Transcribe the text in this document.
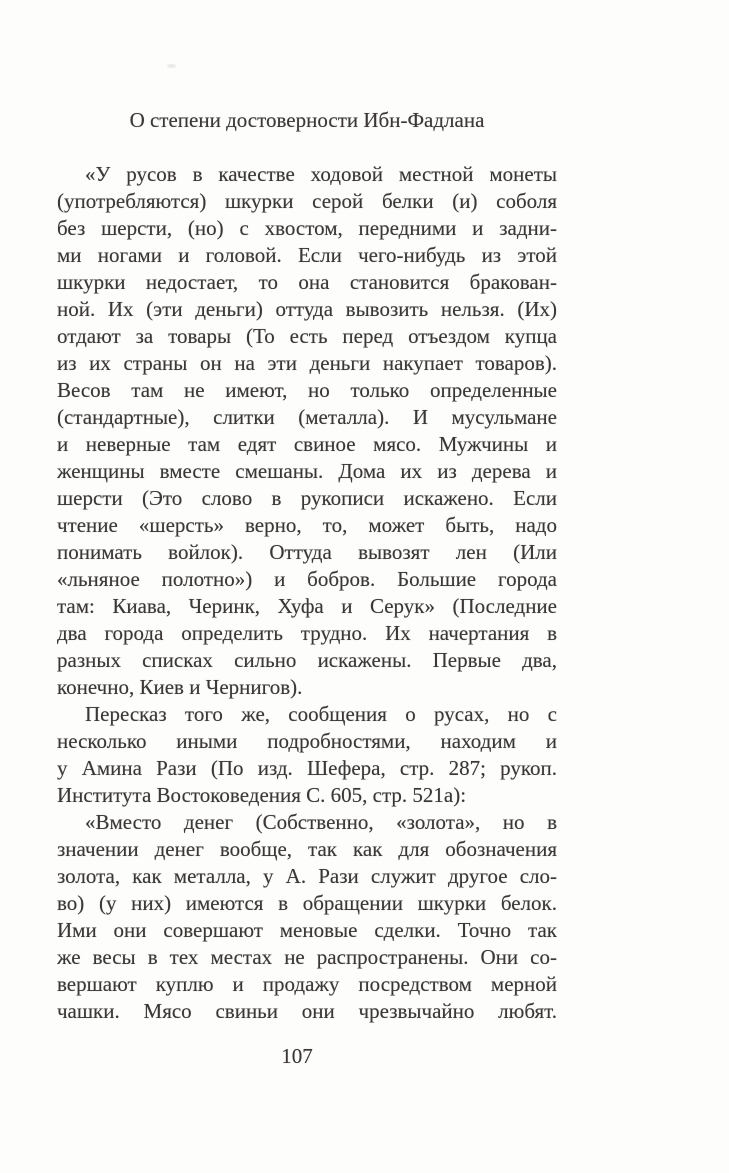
О степени достоверности Ибн-Фадлана
«У русов в качестве ходовой местной монеты
(употребляются) шкурки серой белки (и) соболя
без шерсти, (но) с хвостом, передними и задни-
ми ногами и головой. Если чего-нибудь из этой
шкурки недостает, то она становится бракован-
ной. Их (эти деньги) оттуда вывозить нельзя. (Их)
отдают за товары (То есть перед отъездом купца
из их страны он на эти деньги накупает товаров).
Весов там не имеют, но только определенные
(стандартные), слитки (металла). И мусульмане
и неверные там едят свиное мясо. Мужчины и
женщины вместе смешаны. Дома их из дерева и
шерсти (Это слово в рукописи искажено. Если
чтение «шерсть» верно, то, может быть, надо
понимать войлок). Оттуда вывозят лен (Или
«льняное полотно») и бобров. Большие города
там: Киава, Черинк, Хуфа и Серук» (Последние
два города определить трудно. Их начертания в
разных списках сильно искажены. Первые два,
конечно, Киев и Чернигов).
Пересказ того же, сообщения о русах, но с
несколько иными подробностями, находим и
у Амина Рази (По изд. Шефера, стр. 287; рукоп.
Института Востоковедения С. 605, стр. 521а):
«Вместо денег (Собственно, «золота», но в
значении денег вообще, так как для обозначения
золота, как металла, у А. Рази служит другое сло-
во) (у них) имеются в обращении шкурки белок.
Ими они совершают меновые сделки. Точно так
же весы в тех местах не распространены. Они со-
вершают куплю и продажу посредством мерной
чашки. Мясо свиньи они чрезвычайно любят.
107
